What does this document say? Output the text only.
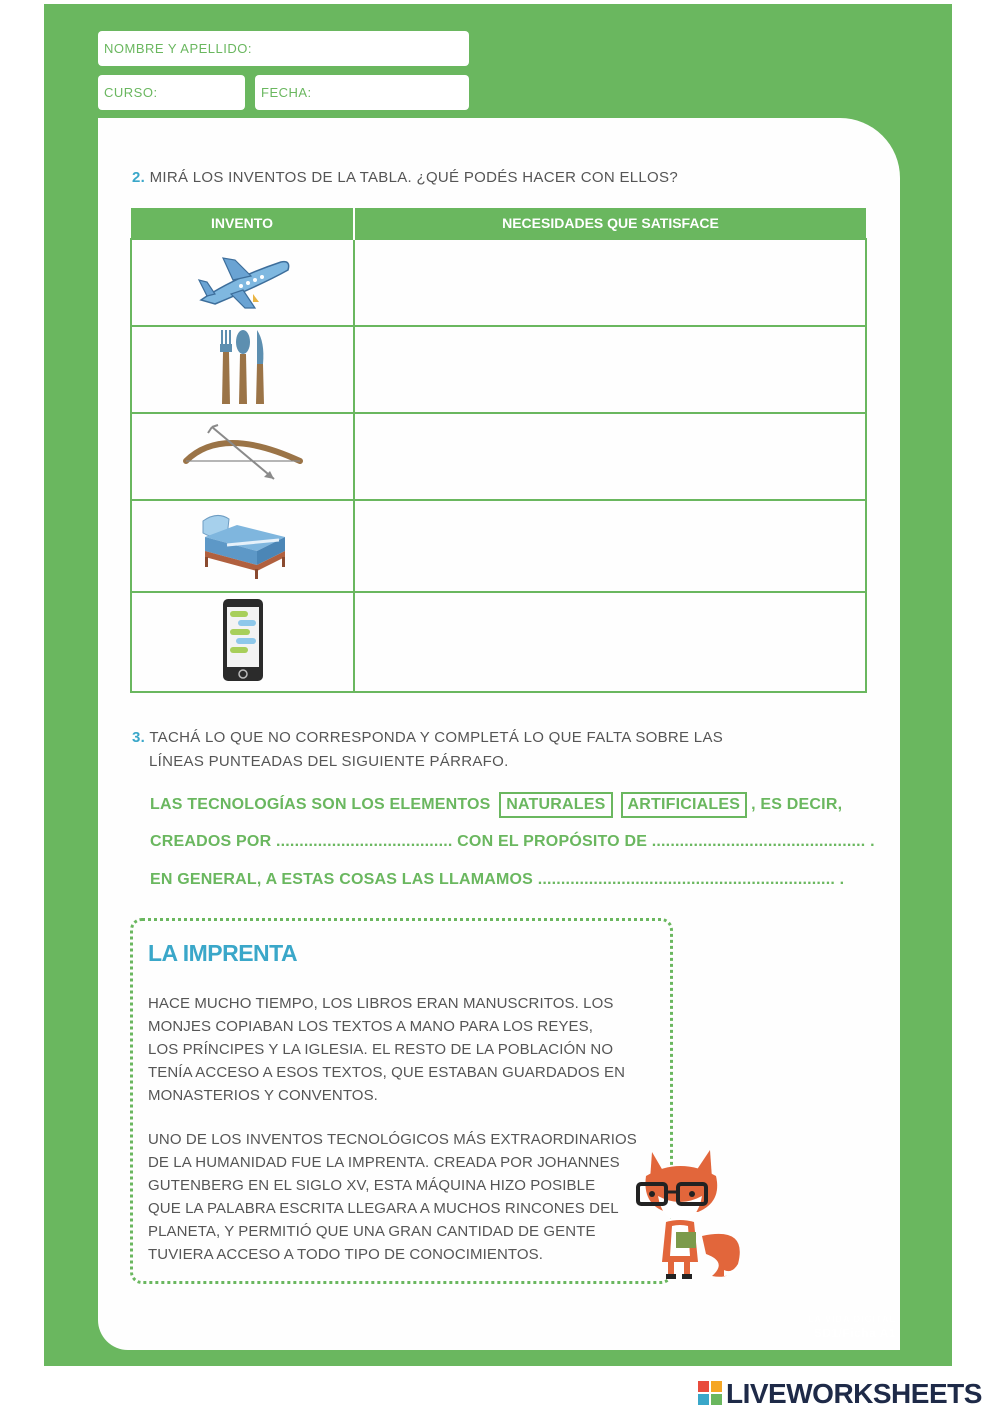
NOMBRE Y APELLIDO:
CURSO:	FECHA:
2. MIRÁ LOS INVENTOS DE LA TABLA. ¿QUÉ PODÉS HACER CON ELLOS?
INVENTO	NECESIDADES QUE SATISFACE

3. TACHÁ LO QUE NO CORRESPONDA Y COMPLETÁ LO QUE FALTA SOBRE LAS
LÍNEAS PUNTEADAS DEL SIGUIENTE PÁRRAFO.
LAS TECNOLOGÍAS SON LOS ELEMENTOS NATURALES ARTIFICIALES , ES DECIR,
CREADOS POR ...................................... CON EL PROPÓSITO DE .............................................. .
EN GENERAL, A ESTAS COSAS LAS LLAMAMOS ................................................................ .
LA IMPRENTA
HACE MUCHO TIEMPO, LOS LIBROS ERAN MANUSCRITOS. LOS
MONJES COPIABAN LOS TEXTOS A MANO PARA LOS REYES,
LOS PRÍNCIPES Y LA IGLESIA. EL RESTO DE LA POBLACIÓN NO
TENÍA ACCESO A ESOS TEXTOS, QUE ESTABAN GUARDADOS EN
MONASTERIOS Y CONVENTOS.
UNO DE LOS INVENTOS TECNOLÓGICOS MÁS EXTRAORDINARIOS
DE LA HUMANIDAD FUE LA IMPRENTA. CREADA POR JOHANNES
GUTENBERG EN EL SIGLO XV, ESTA MÁQUINA HIZO POSIBLE
QUE LA PALABRA ESCRITA LLEGARA A MUCHOS RINCONES DEL
PLANETA, Y PERMITIÓ QUE UNA GRAN CANTIDAD DE GENTE
TUVIERA ACCESO A TODO TIPO DE CONOCIMIENTOS.
LA VIDA DIGITAL
SD1/Ficha A1
LIVEWORKSHEETS
